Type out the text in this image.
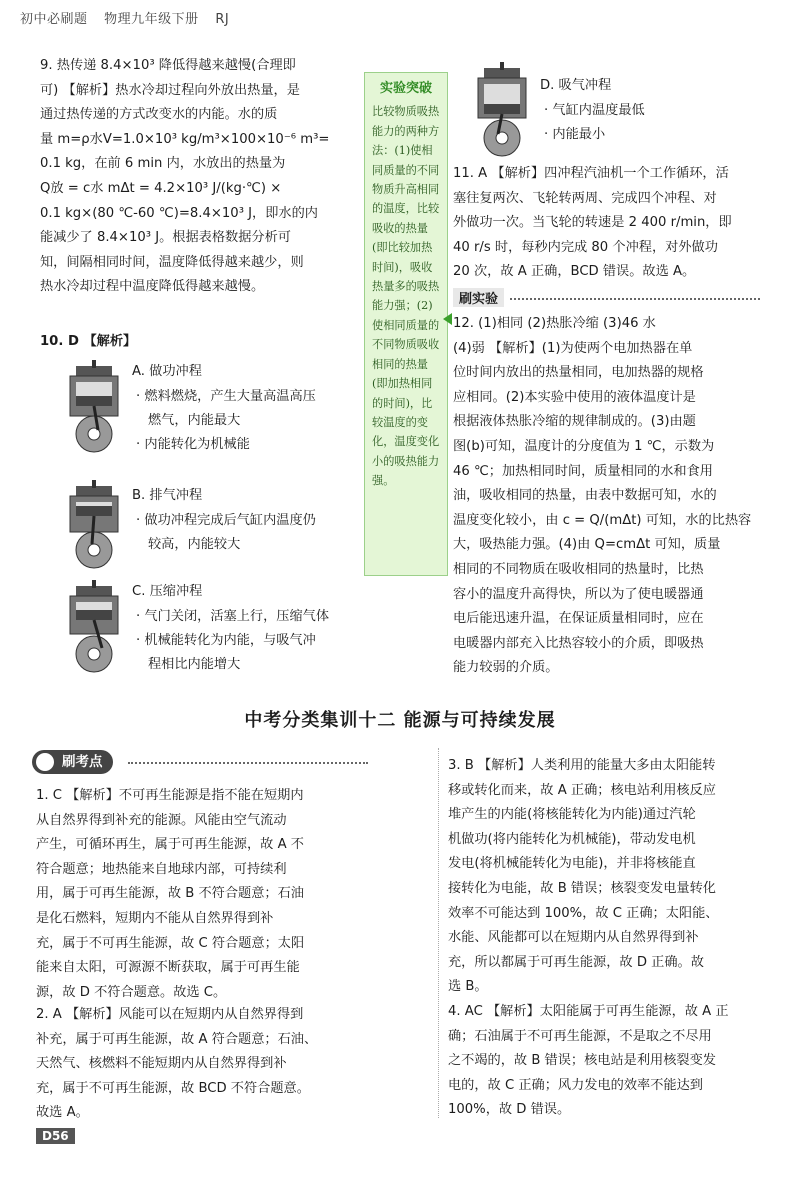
初中必刷题 物理九年级下册 RJ

9. 热传递 8.4×10³ 降低得越来越慢(合理即

可) 【解析】热水冷却过程向外放出热量，是

通过热传递的方式改变水的内能。水的质

量 m=ρ水V=1.0×10³ kg/m³×100×10⁻⁶ m³=

0.1 kg，在前 6 min 内，水放出的热量为

Q放 = c水 mΔt = 4.2×10³ J/(kg·℃) ×

0.1 kg×(80 ℃-60 ℃)=8.4×10³ J，即水的内

能减少了 8.4×10³ J。根据表格数据分析可

知，间隔相同时间，温度降低得越来越少，则

热水冷却过程中温度降低得越来越慢。

10. D 【解析】

A. 做功冲程
· 燃料燃烧，产生大量高温高压
燃气，内能最大
· 内能转化为机械能
B. 排气冲程
· 做功冲程完成后气缸内温度仍
较高，内能较大
C. 压缩冲程
· 气门关闭，活塞上行，压缩气体
· 机械能转化为内能，与吸气冲
程相比内能增大
实验突破
比较物质吸热能力的两种方法：(1)使相同质量的不同物质升高相同的温度，比较吸收的热量(即比较加热时间)，吸收热量多的吸热能力强；(2)使相同质量的不同物质吸收相同的热量(即加热相同的时间)，比较温度的变化，温度变化小的吸热能力强。
D. 吸气冲程
· 气缸内温度最低
· 内能最小

11. A 【解析】四冲程汽油机一个工作循环，活

塞往复两次、飞轮转两周、完成四个冲程、对

外做功一次。当飞轮的转速是 2 400 r/min，即

40 r/s 时，每秒内完成 80 个冲程，对外做功

20 次，故 A 正确，BCD 错误。故选 A。

刷实验

12. (1)相同 (2)热胀冷缩 (3)46 水

(4)弱 【解析】(1)为使两个电加热器在单

位时间内放出的热量相同，电加热器的规格

应相同。(2)本实验中使用的液体温度计是

根据液体热胀冷缩的规律制成的。(3)由题

图(b)可知，温度计的分度值为 1 ℃，示数为

46 ℃；加热相同时间，质量相同的水和食用

油，吸收相同的热量，由表中数据可知，水的

温度变化较小，由 c = Q/(mΔt) 可知，水的比热容

大，吸热能力强。(4)由 Q=cmΔt 可知，质量

相同的不同物质在吸收相同的热量时，比热

容小的温度升高得快，所以为了使电暖器通

电后能迅速升温，在保证质量相同时，应在

电暖器内部充入比热容较小的介质，即吸热

能力较弱的介质。

中考分类集训十二 能源与可持续发展
刷考点

1. C 【解析】不可再生能源是指不能在短期内

从自然界得到补充的能源。风能由空气流动

产生，可循环再生，属于可再生能源，故 A 不

符合题意；地热能来自地球内部，可持续利

用，属于可再生能源，故 B 不符合题意；石油

是化石燃料，短期内不能从自然界得到补

充，属于不可再生能源，故 C 符合题意；太阳

能来自太阳，可源源不断获取，属于可再生能

源，故 D 不符合题意。故选 C。

2. A 【解析】风能可以在短期内从自然界得到

补充，属于可再生能源，故 A 符合题意；石油、

天然气、核燃料不能短期内从自然界得到补

充，属于不可再生能源，故 BCD 不符合题意。

故选 A。

3. B 【解析】人类利用的能量大多由太阳能转

移或转化而来，故 A 正确；核电站利用核反应

堆产生的内能(将核能转化为内能)通过汽轮

机做功(将内能转化为机械能)，带动发电机

发电(将机械能转化为电能)，并非将核能直

接转化为电能，故 B 错误；核裂变发电量转化

效率不可能达到 100%，故 C 正确；太阳能、

水能、风能都可以在短期内从自然界得到补

充，所以都属于可再生能源，故 D 正确。故

选 B。

4. AC 【解析】太阳能属于可再生能源，故 A 正

确；石油属于不可再生能源，不是取之不尽用

之不竭的，故 B 错误；核电站是利用核裂变发

电的，故 C 正确；风力发电的效率不能达到

100%，故 D 错误。

D56
